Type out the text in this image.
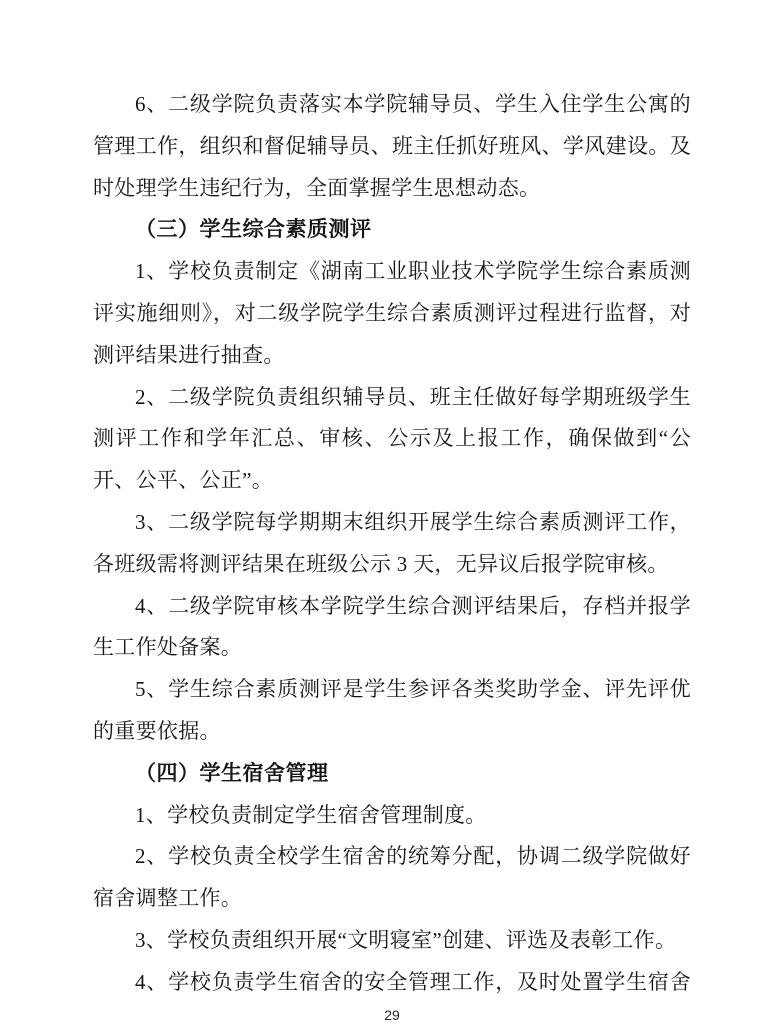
6、二级学院负责落实本学院辅导员、学生入住学生公寓的管理工作，组织和督促辅导员、班主任抓好班风、学风建设。及时处理学生违纪行为，全面掌握学生思想动态。

（三）学生综合素质测评

1、学校负责制定《湖南工业职业技术学院学生综合素质测评实施细则》，对二级学院学生综合素质测评过程进行监督，对测评结果进行抽查。

2、二级学院负责组织辅导员、班主任做好每学期班级学生测评工作和学年汇总、审核、公示及上报工作，确保做到“公开、公平、公正”。

3、二级学院每学期期末组织开展学生综合素质测评工作，各班级需将测评结果在班级公示 3 天，无异议后报学院审核。

4、二级学院审核本学院学生综合测评结果后，存档并报学生工作处备案。

5、学生综合素质测评是学生参评各类奖助学金、评先评优的重要依据。

（四）学生宿舍管理

1、学校负责制定学生宿舍管理制度。

2、学校负责全校学生宿舍的统筹分配，协调二级学院做好宿舍调整工作。

3、学校负责组织开展“文明寝室”创建、评选及表彰工作。

4、学校负责学生宿舍的安全管理工作，及时处置学生宿舍

29
